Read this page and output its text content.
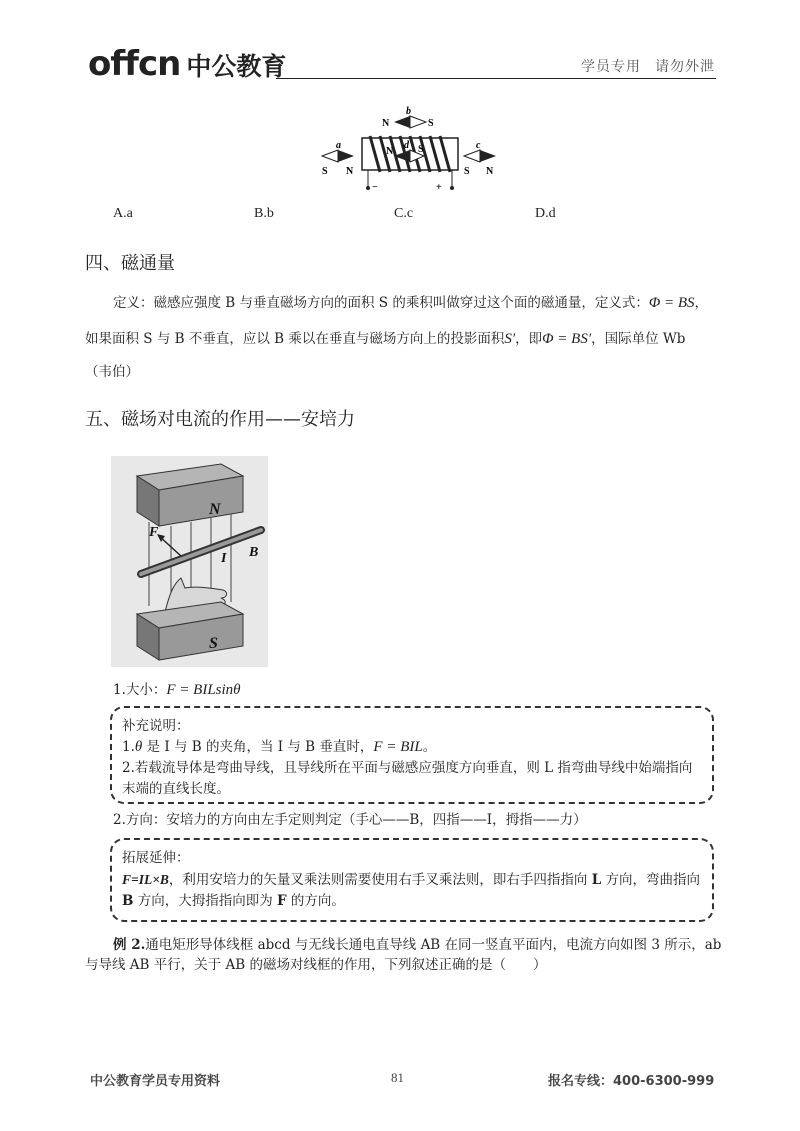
offcn 中公教育	学员专用 请勿外泄
b
N	S
d
N S
a
S N
c
S N
−	+
A.a	B.b	C.c	D.d
四、磁通量
定义：磁感应强度 B 与垂直磁场方向的面积 S 的乘积叫做穿过这个面的磁通量，定义式：Φ = BS，
如果面积 S 与 B 不垂直，应以 B 乘以在垂直与磁场方向上的投影面积S′，即Φ = BS′，国际单位 Wb
（韦伯）
五、磁场对电流的作用——安培力
N
F
I B
S
1.大小：F = BILsinθ
补充说明：
1.θ 是 I 与 B 的夹角，当 I 与 B 垂直时，F = BIL。
2.若载流导体是弯曲导线，且导线所在平面与磁感应强度方向垂直，则 L 指弯曲导线中始端指向末端的直线长度。
2.方向：安培力的方向由左手定则判定（手心——B，四指——I，拇指——力）
拓展延伸：
F=IL×B，利用安培力的矢量叉乘法则需要使用右手叉乘法则，即右手四指指向 L 方向，弯曲指向 B 方向，大拇指指向即为 F 的方向。
例 2.通电矩形导体线框 abcd 与无线长通电直导线 AB 在同一竖直平面内，电流方向如图 3 所示，ab 与导线 AB 平行，关于 AB 的磁场对线框的作用，下列叙述正确的是（　　）
中公教育学员专用资料	81	报名专线：400-6300-999
